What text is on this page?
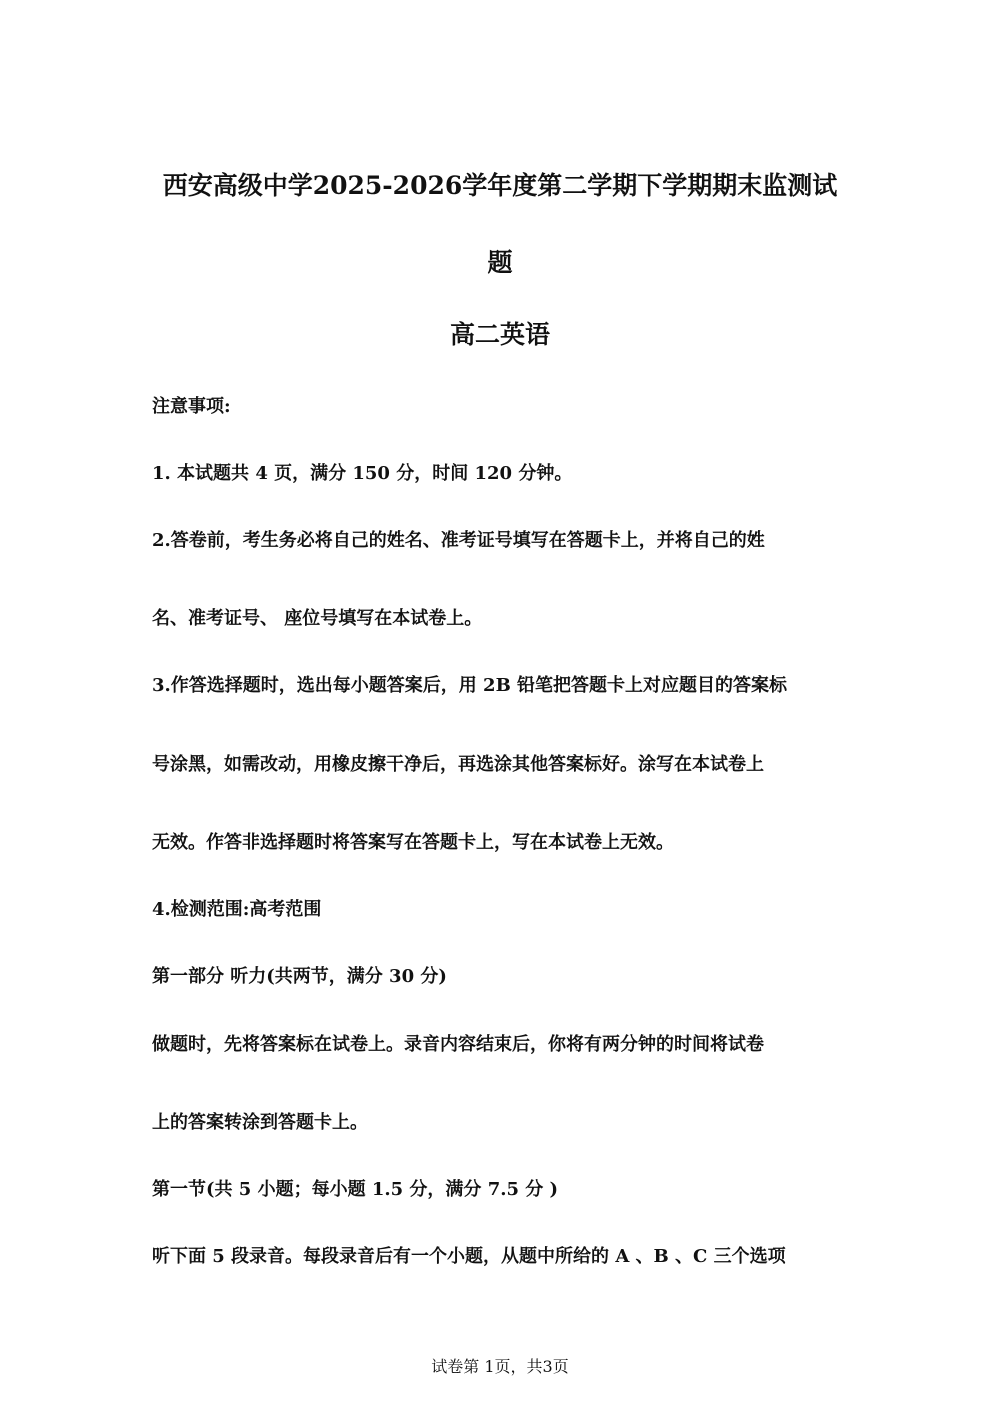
西安高级中学2025-2026学年度第二学期下学期期末监测试
题
高二英语
注意事项:
1. 本试题共 4 页，满分 150 分，时间 120 分钟。
2.答卷前，考生务必将自己的姓名、准考证号填写在答题卡上，并将自己的姓
名、准考证号、 座位号填写在本试卷上。
3.作答选择题时，选出每小题答案后，用 2B 铅笔把答题卡上对应题目的答案标
号涂黑，如需改动，用橡皮擦干净后，再选涂其他答案标好。涂写在本试卷上
无效。作答非选择题时将答案写在答题卡上，写在本试卷上无效。
4.检测范围:高考范围
第一部分 听力(共两节，满分 30 分)
做题时，先将答案标在试卷上。录音内容结束后，你将有两分钟的时间将试卷
上的答案转涂到答题卡上。
第一节(共 5 小题；每小题 1.5 分，满分 7.5 分 )
听下面 5 段录音。每段录音后有一个小题，从题中所给的 A 、B 、C 三个选项
试卷第 1页，共3页
